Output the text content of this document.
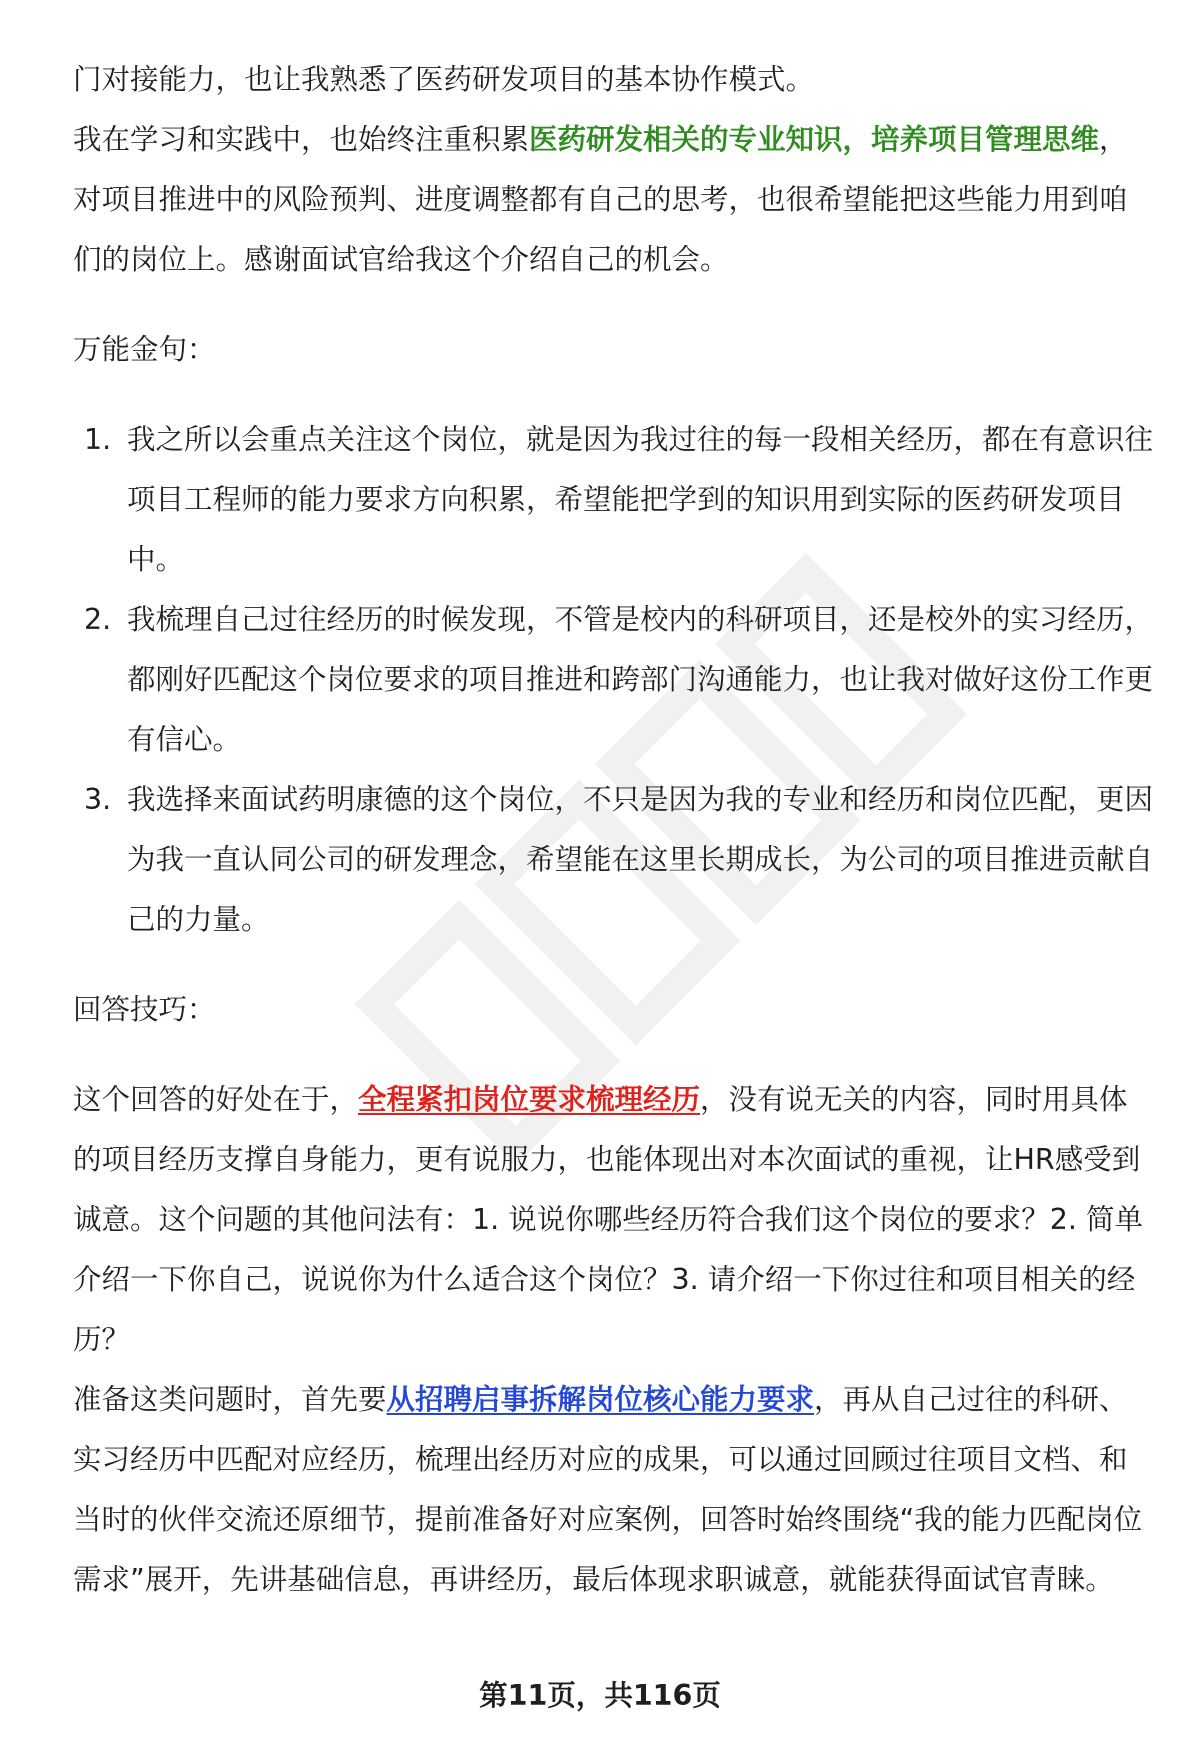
门对接能力，也让我熟悉了医药研发项目的基本协作模式。

我在学习和实践中，也始终注重积累医药研发相关的专业知识，培养项目管理思维，对项目推进中的风险预判、进度调整都有自己的思考，也很希望能把这些能力用到咱们的岗位上。感谢面试官给我这个介绍自己的机会。

万能金句：

1. 我之所以会重点关注这个岗位，就是因为我过往的每一段相关经历，都在有意识往项目工程师的能力要求方向积累，希望能把学到的知识用到实际的医药研发项目中。
2. 我梳理自己过往经历的时候发现，不管是校内的科研项目，还是校外的实习经历，都刚好匹配这个岗位要求的项目推进和跨部门沟通能力，也让我对做好这份工作更有信心。
3. 我选择来面试药明康德的这个岗位，不只是因为我的专业和经历和岗位匹配，更因为我一直认同公司的研发理念，希望能在这里长期成长，为公司的项目推进贡献自己的力量。

回答技巧：

这个回答的好处在于，全程紧扣岗位要求梳理经历，没有说无关的内容，同时用具体的项目经历支撑自身能力，更有说服力，也能体现出对本次面试的重视，让HR感受到诚意。这个问题的其他问法有：1. 说说你哪些经历符合我们这个岗位的要求？2. 简单介绍一下你自己，说说你为什么适合这个岗位？3. 请介绍一下你过往和项目相关的经历？

准备这类问题时，首先要从招聘启事拆解岗位核心能力要求，再从自己过往的科研、实习经历中匹配对应经历，梳理出经历对应的成果，可以通过回顾过往项目文档、和当时的伙伴交流还原细节，提前准备好对应案例，回答时始终围绕“我的能力匹配岗位需求”展开，先讲基础信息，再讲经历，最后体现求职诚意，就能获得面试官青睐。

第11页，共116页
